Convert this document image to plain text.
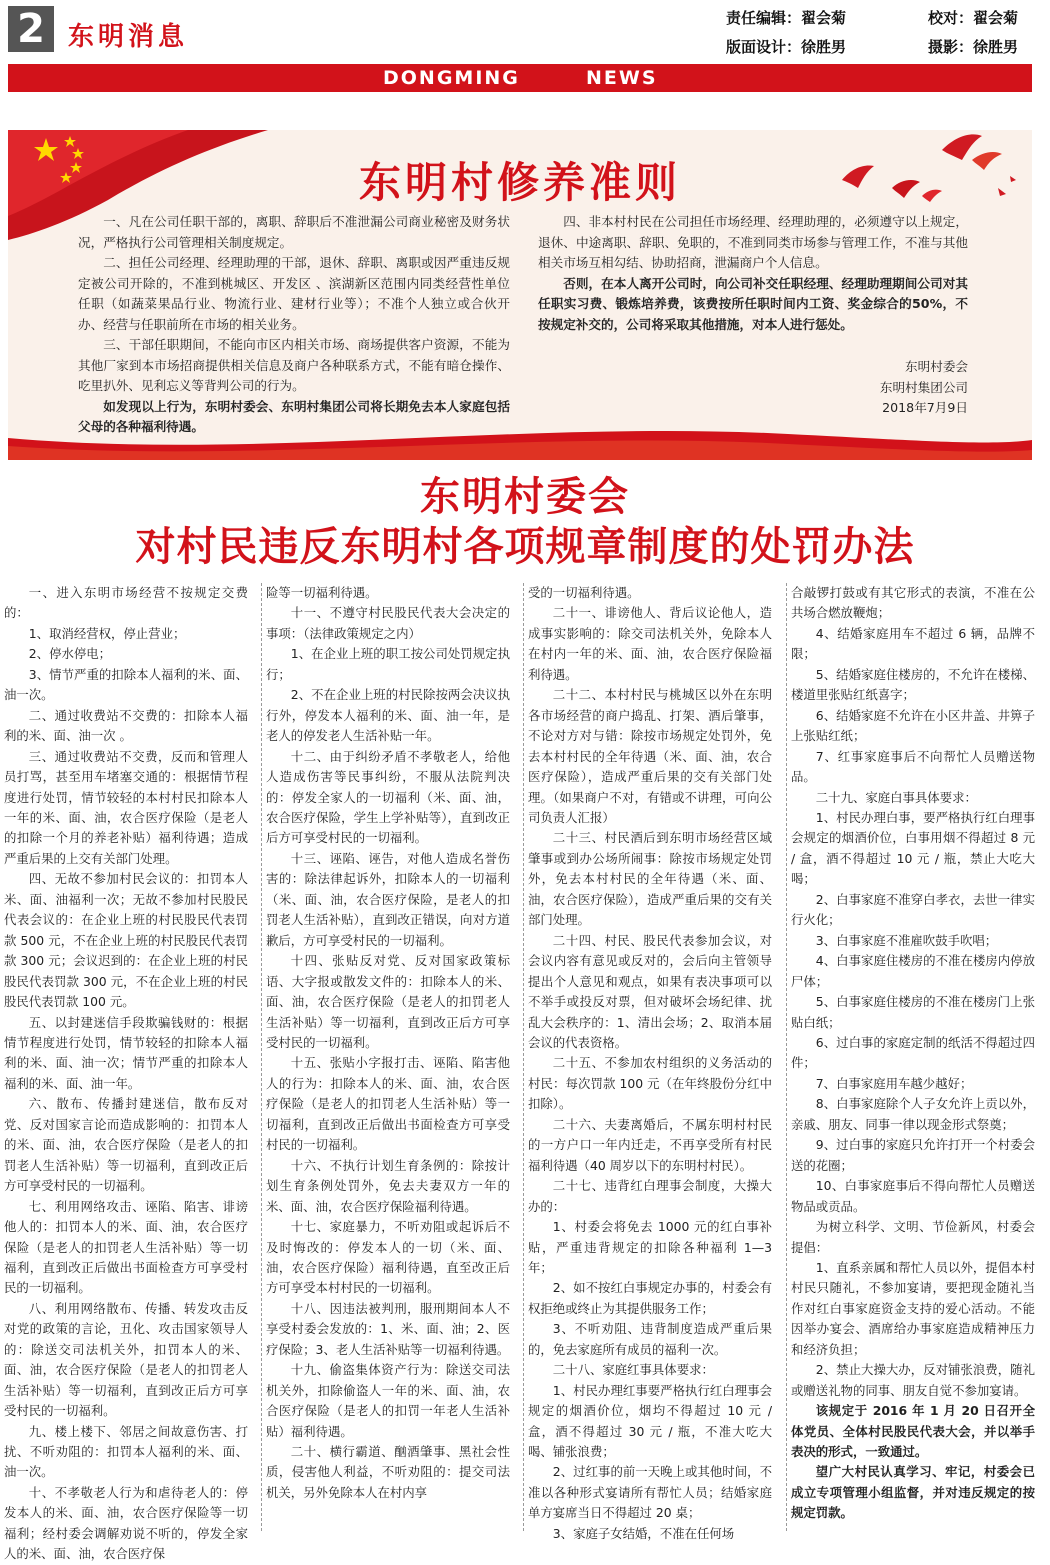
2 东明消息
责任编辑：翟会菊
版面设计：徐胜男
校对：翟会菊
摄影：徐胜男
DONGMING	NEWS
东明村修养准则

一、凡在公司任职干部的，离职、辞职后不准泄漏公司商业秘密及财务状况，严格执行公司管理相关制度规定。

二、担任公司经理、经理助理的干部，退休、辞职、离职或因严重违反规定被公司开除的，不准到桃城区、开发区 、滨湖新区范围内同类经营性单位任职（如蔬菜果品行业、物流行业、建材行业等）；不准个人独立或合伙开办、经营与任职前所在市场的相关业务。

三、干部任职期间，不能向市区内相关市场、商场提供客户资源，不能为其他厂家到本市场招商提供相关信息及商户各种联系方式，不能有暗仓操作、吃里扒外、见利忘义等背判公司的行为。

如发现以上行为，东明村委会、东明村集团公司将长期免去本人家庭包括父母的各种福利待遇。

四、非本村村民在公司担任市场经理、经理助理的，必须遵守以上规定，退休、中途离职、辞职、免职的，不准到同类市场参与管理工作，不准与其他相关市场互相勾结、协助招商，泄漏商户个人信息。

否则，在本人离开公司时，向公司补交任职经理、经理助理期间公司对其任职实习费、锻炼培养费，该费按所任职时间内工资、奖金综合的50%，不按规定补交的，公司将采取其他措施，对本人进行惩处。

东明村委会
东明村集团公司
2018年7月9日
东明村委会
对村民违反东明村各项规章制度的处罚办法

一、进入东明市场经营不按规定交费的：

1、取消经营权，停止营业；

2、停水停电；

3、情节严重的扣除本人福利的米、面、油一次。

二、通过收费站不交费的：扣除本人福利的米、面、油一次 。

三、通过收费站不交费，反而和管理人员打骂，甚至用车堵塞交通的：根据情节程度进行处罚，情节较轻的本村村民扣除本人一年的米、面、油，农合医疗保险（是老人的扣除一个月的养老补贴）福利待遇；造成严重后果的上交有关部门处理。

四、无故不参加村民会议的：扣罚本人米、面、油福利一次；无故不参加村民股民代表会议的：在企业上班的村民股民代表罚款 500 元，不在企业上班的村民股民代表罚款 300 元；会议迟到的：在企业上班的村民股民代表罚款 300 元，不在企业上班的村民股民代表罚款 100 元。

五、以封建迷信手段欺骗钱财的：根据情节程度进行处罚，情节较轻的扣除本人福利的米、面、油一次；情节严重的扣除本人福利的米、面、油一年。

六、散布、传播封建迷信，散布反对党、反对国家言论而造成影响的：扣罚本人的米、面、油，农合医疗保险（是老人的扣罚老人生活补贴）等一切福利，直到改正后方可享受村民的一切福利。

七、利用网络攻击、诬陷、陷害、诽谤他人的：扣罚本人的米、面、油，农合医疗保险（是老人的扣罚老人生活补贴）等一切福利，直到改正后做出书面检查方可享受村民的一切福利。

八、利用网络散布、传播、转发攻击反对党的政策的言论，丑化、攻击国家领导人的：除送交司法机关外，扣罚本人的米、面、油，农合医疗保险（是老人的扣罚老人生活补贴）等一切福利，直到改正后方可享受村民的一切福利。

九、楼上楼下、邻居之间故意伤害、打扰、不听劝阻的：扣罚本人福利的米、面、油一次。

十、不孝敬老人行为和虐待老人的：停发本人的米、面、油，农合医疗保险等一切福利；经村委会调解劝说不听的，停发全家人的米、面、油，农合医疗保

险等一切福利待遇。

十一、不遵守村民股民代表大会决定的事项：（法律政策规定之内）

1、在企业上班的职工按公司处罚规定执行；

2、不在企业上班的村民除按两会决议执行外，停发本人福利的米、面、油一年，是老人的停发老人生活补贴一年。

十二、由于纠纷矛盾不孝敬老人，给他人造成伤害等民事纠纷，不服从法院判决的：停发全家人的一切福利（米、面、油，农合医疗保险，学生上学补贴等），直到改正后方可享受村民的一切福利。

十三、诬陷、诬告，对他人造成名誉伤害的：除法律起诉外，扣除本人的一切福利（米、面、油，农合医疗保险，是老人的扣罚老人生活补贴），直到改正错误，向对方道歉后，方可享受村民的一切福利。

十四、张贴反对党、反对国家政策标语、大字报或散发文件的：扣除本人的米、面、油，农合医疗保险（是老人的扣罚老人生活补贴）等一切福利，直到改正后方可享受村民的一切福利。

十五、张贴小字报打击、诬陷、陷害他人的行为：扣除本人的米、面、油，农合医疗保险（是老人的扣罚老人生活补贴）等一切福利，直到改正后做出书面检查方可享受村民的一切福利。

十六、不执行计划生育条例的：除按计划生育条例处罚外，免去夫妻双方一年的米、面、油，农合医疗保险福利待遇。

十七、家庭暴力，不听劝阻或起诉后不及时悔改的：停发本人的一切（米、面、油，农合医疗保险）福利待遇，直至改正后方可享受本村村民的一切福利。

十八、因违法被判刑，服刑期间本人不享受村委会发放的：1、米、面、油；2、医疗保险；3、老人生活补贴等一切福利待遇。

十九、偷盗集体资产行为：除送交司法机关外，扣除偷盗人一年的米、面、油，农合医疗保险（是老人的扣罚一年老人生活补贴）福利待遇。

二十、横行霸道、酗酒肇事、黑社会性质，侵害他人利益，不听劝阻的：提交司法机关，另外免除本人在村内享

受的一切福利待遇。

二十一、诽谤他人、背后议论他人，造成事实影响的：除交司法机关外，免除本人在村内一年的米、面、油，农合医疗保险福利待遇。

二十二、本村村民与桃城区以外在东明各市场经营的商户捣乱、打架、酒后肇事，不论对方对与错：除按市场规定处罚外，免去本村村民的全年待遇（米、面、油，农合医疗保险），造成严重后果的交有关部门处理。（如果商户不对，有错或不讲理，可向公司负责人汇报）

二十三、村民酒后到东明市场经营区域肇事或到办公场所闹事：除按市场规定处罚外，免去本村村民的全年待遇（米、面、油，农合医疗保险），造成严重后果的交有关部门处理。

二十四、村民、股民代表参加会议，对会议内容有意见或反对的，会后向主管领导提出个人意见和观点，如果有表决事项可以不举手或投反对票，但对破坏会场纪律、扰乱大会秩序的：1、清出会场；2、取消本届会议的代表资格。

二十五、不参加农村组织的义务活动的村民：每次罚款 100 元（在年终股份分红中扣除）。

二十六、夫妻离婚后，不属东明村村民的一方户口一年内迁走，不再享受所有村民福利待遇（40 周岁以下的东明村村民）。

二十七、违背红白理事会制度，大操大办的：

1、村委会将免去 1000 元的红白事补贴，严重违背规定的扣除各种福利 1—3 年；

2、如不按红白事规定办事的，村委会有权拒绝或终止为其提供服务工作；

3、不听劝阻、违背制度造成严重后果的，免去家庭所有成员的福利一次。

二十八、家庭红事具体要求：

1、村民办理红事要严格执行红白理事会规定的烟酒价位，烟均不得超过 10 元 / 盒，酒不得超过 30 元 / 瓶，不准大吃大喝、铺张浪费；

2、过红事的前一天晚上或其他时间，不准以各种形式宴请所有帮忙人员；结婚家庭单方宴席当日不得超过 20 桌；

3、家庭子女结婚，不准在任何场

合敲锣打鼓或有其它形式的表演，不准在公共场合燃放鞭炮；

4、结婚家庭用车不超过 6 辆，品牌不限；

5、结婚家庭住楼房的，不允许在楼梯、楼道里张贴红纸喜字；

6、结婚家庭不允许在小区井盖、井箅子上张贴红纸；

7、红事家庭事后不向帮忙人员赠送物品。

二十九、家庭白事具体要求：

1、村民办理白事，要严格执行红白理事会规定的烟酒价位，白事用烟不得超过 8 元 / 盒，酒不得超过 10 元 / 瓶，禁止大吃大喝；

2、白事家庭不准穿白孝衣，去世一律实行火化；

3、白事家庭不准雇吹鼓手吹唱；

4、白事家庭住楼房的不准在楼房内停放尸体；

5、白事家庭住楼房的不准在楼房门上张贴白纸；

6、过白事的家庭定制的纸活不得超过四件；

7、白事家庭用车越少越好；

8、白事家庭除个人子女允许上贡以外，亲戚、朋友、同事一律以现金形式祭奠；

9、过白事的家庭只允许打开一个村委会送的花圈；

10、白事家庭事后不得向帮忙人员赠送物品或贡品。

为树立科学、文明、节俭新风，村委会提倡：

1、直系亲属和帮忙人员以外，提倡本村村民只随礼，不参加宴请，要把现金随礼当作对红白事家庭资金支持的爱心活动。不能因举办宴会、酒席给办事家庭造成精神压力和经济负担；

2、禁止大操大办，反对铺张浪费，随礼或赠送礼物的同事、朋友自觉不参加宴请。

该规定于 2016 年 1 月 20 日召开全体党员、全体村民股民代表大会，并以举手表决的形式，一致通过。

望广大村民认真学习、牢记，村委会已成立专项管理小组监督，并对违反规定的按规定罚款。
